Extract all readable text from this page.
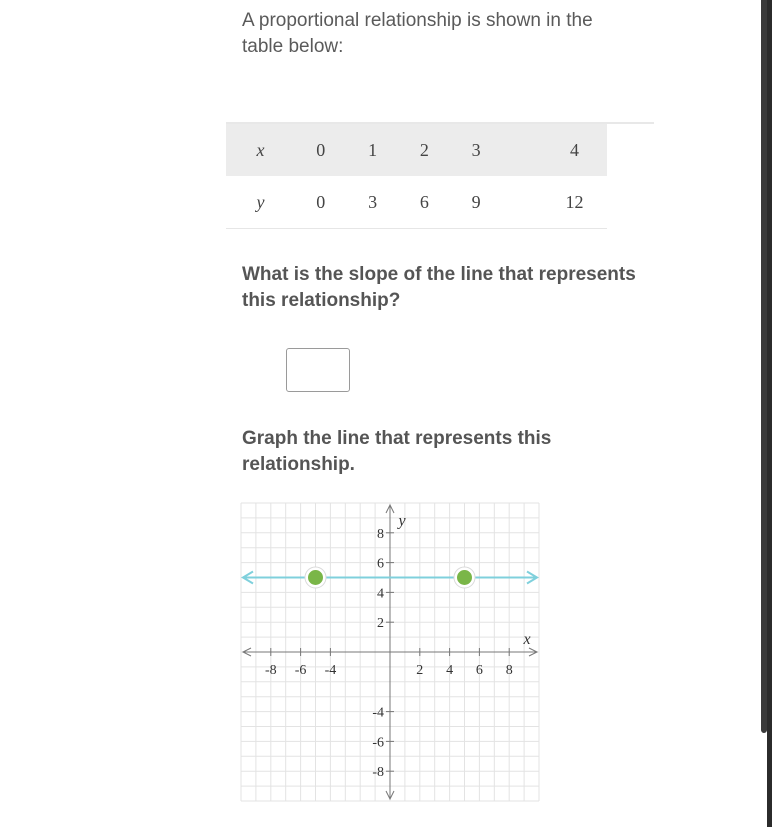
A proportional relationship is shown in the table below:

x	0	1	2	3	4
y	0	3	6	9	12

What is the slope of the line that represents this relationship?

Graph the line that represents this relationship.

-8 -6 -4	2 4 6 8
8
6
4
2
-4
-6
-8
x
y
